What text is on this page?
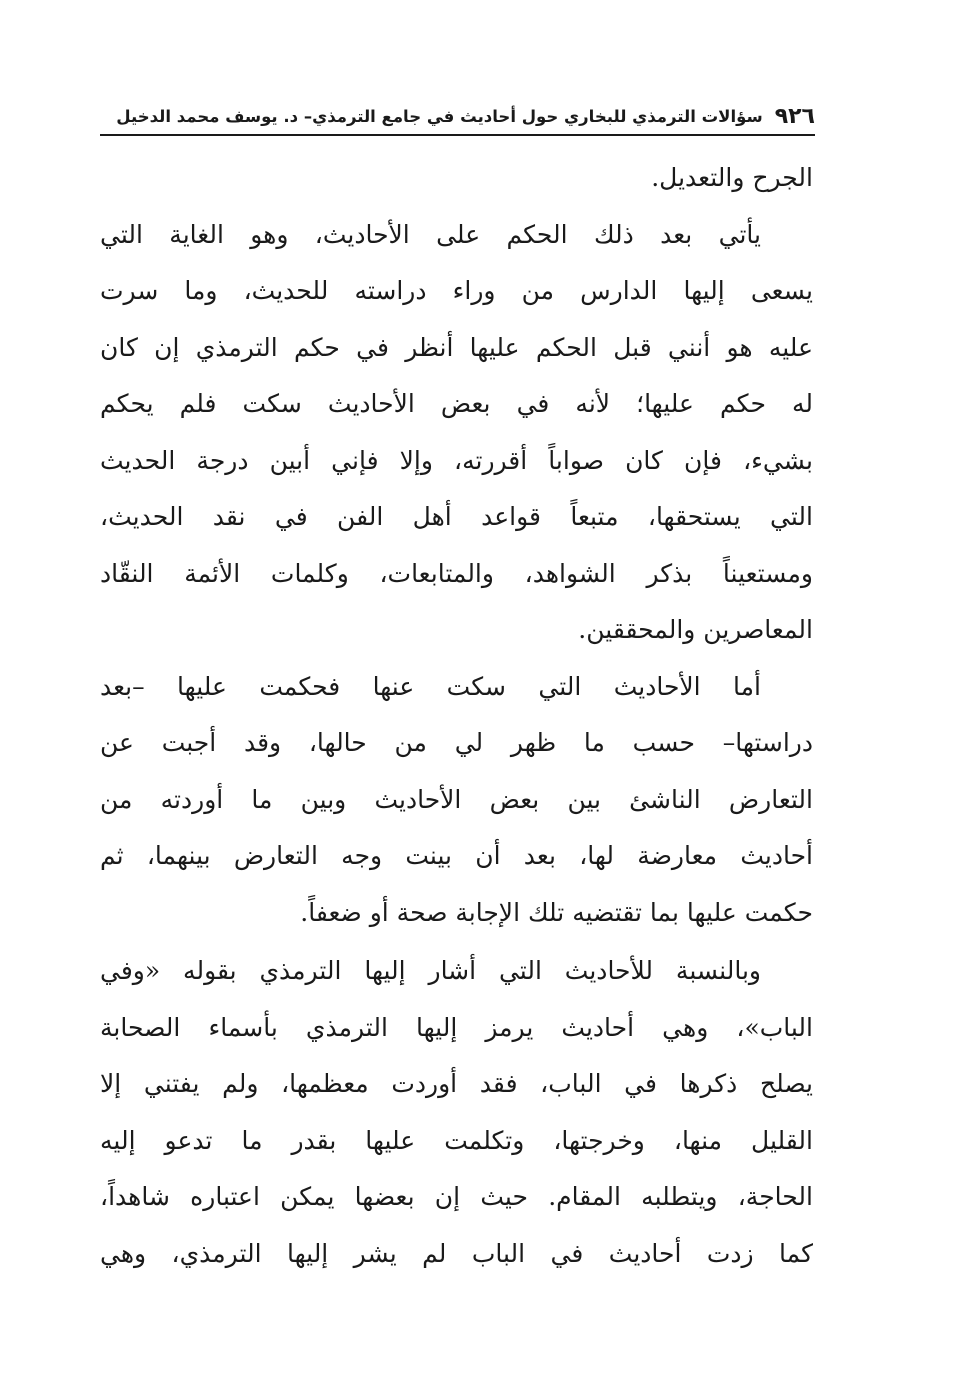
٩٢٦
سؤالات الترمذي للبخاري حول أحاديث في جامع الترمذي– د. يوسف محمد الدخيل
الجرح والتعديل.
يأتي بعد ذلك الحكم على الأحاديث، وهو الغاية التي
يسعى إليها الدارس من وراء دراسته للحديث، وما سرت
عليه هو أنني قبل الحكم عليها أنظر في حكم الترمذي إن كان
له حكم عليها؛ لأنه في بعض الأحاديث سكت فلم يحكم
بشيء، فإن كان صواباً أقررته، وإلا فإني أبين درجة الحديث
التي يستحقها، متبعاً قواعد أهل الفن في نقد الحديث،
ومستعيناً بذكر الشواهد، والمتابعات، وكلمات الأئمة النقّاد
المعاصرين والمحققين.
أما الأحاديث التي سكت عنها فحكمت عليها –بعد
دراستها– حسب ما ظهر لي من حالها، وقد أجبت عن
التعارض الناشئ بين بعض الأحاديث وبين ما أوردته من
أحاديث معارضة لها، بعد أن بينت وجه التعارض بينهما، ثم
حكمت عليها بما تقتضيه تلك الإجابة صحة أو ضعفاً.
وبالنسبة للأحاديث التي أشار إليها الترمذي بقوله «وفي
الباب»، وهي أحاديث يرمز إليها الترمذي بأسماء الصحابة
يصلح ذكرها في الباب، فقد أوردت معظمها، ولم يفتني إلا
القليل منها، وخرجتها، وتكلمت عليها بقدر ما تدعو إليه
الحاجة، ويتطلبه المقام. حيث إن بعضها يمكن اعتباره شاهداً،
كما زدت أحاديث في الباب لم يشر إليها الترمذي، وهي
